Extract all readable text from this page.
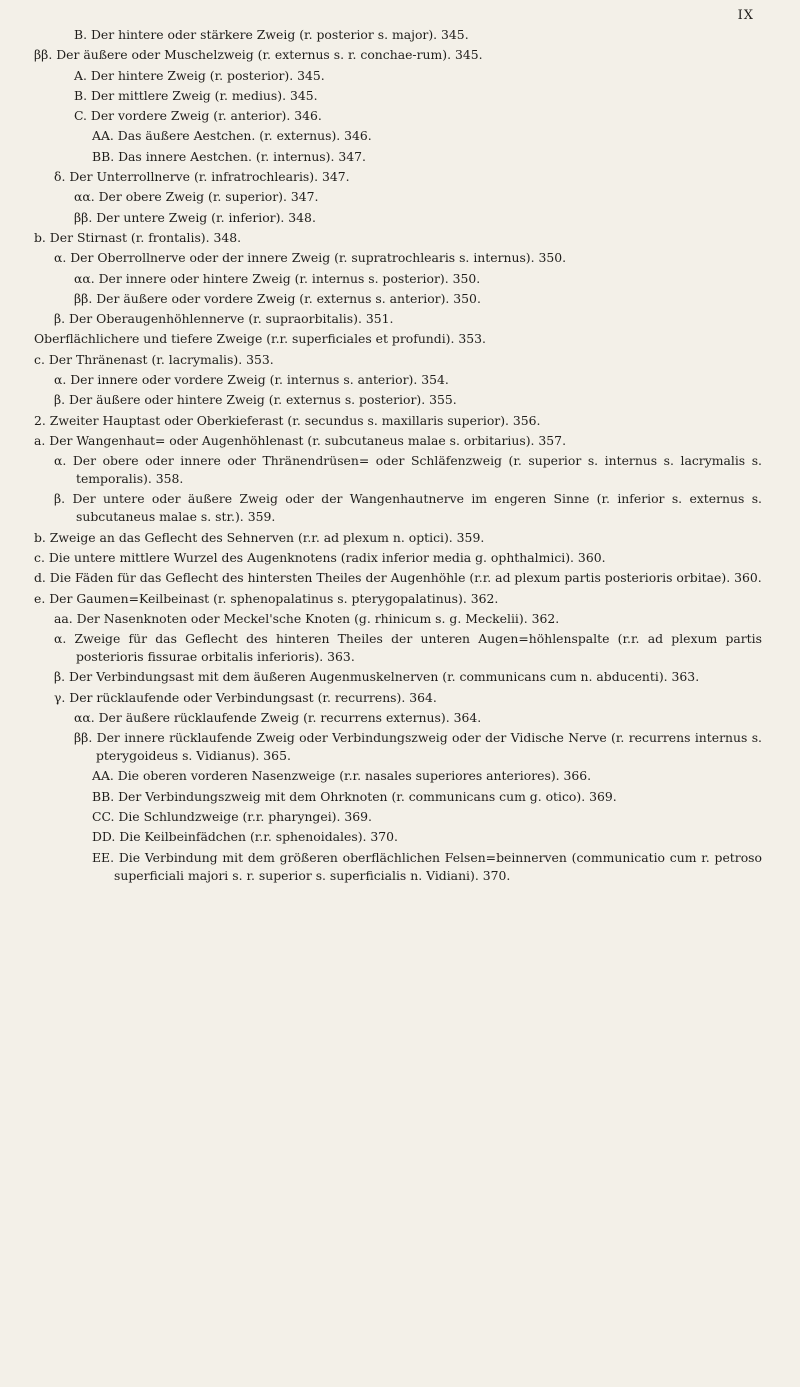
IX

B. Der hintere oder stärkere Zweig (r. posterior s. major). 345.

ββ. Der äußere oder Muschelzweig (r. externus s. r. conchae-rum). 345.

A. Der hintere Zweig (r. posterior). 345.

B. Der mittlere Zweig (r. medius). 345.

C. Der vordere Zweig (r. anterior). 346.

AA. Das äußere Aestchen. (r. externus). 346.

BB. Das innere Aestchen. (r. internus). 347.

δ. Der Unterrollnerve (r. infratrochlearis). 347.

αα. Der obere Zweig (r. superior). 347.

ββ. Der untere Zweig (r. inferior). 348.

b. Der Stirnast (r. frontalis). 348.

α. Der Oberrollnerve oder der innere Zweig (r. supratrochlearis s. internus). 350.

αα. Der innere oder hintere Zweig (r. internus s. posterior). 350.

ββ. Der äußere oder vordere Zweig (r. externus s. anterior). 350.

β. Der Oberaugenhöhlennerve (r. supraorbitalis). 351.

Oberflächlichere und tiefere Zweige (r.r. superficiales et profundi). 353.

c. Der Thränenast (r. lacrymalis). 353.

α. Der innere oder vordere Zweig (r. internus s. anterior). 354.

β. Der äußere oder hintere Zweig (r. externus s. posterior). 355.

2. Zweiter Hauptast oder Oberkieferast (r. secundus s. maxillaris superior). 356.

a. Der Wangenhaut= oder Augenhöhlenast (r. subcutaneus malae s. orbitarius). 357.

α. Der obere oder innere oder Thränendrüsen= oder Schläfenzweig (r. superior s. internus s. lacrymalis s. temporalis). 358.

β. Der untere oder äußere Zweig oder der Wangenhautnerve im engeren Sinne (r. inferior s. externus s. subcutaneus malae s. str.). 359.

b. Zweige an das Geflecht des Sehnerven (r.r. ad plexum n. optici). 359.

c. Die untere mittlere Wurzel des Augenknotens (radix inferior media g. ophthalmici). 360.

d. Die Fäden für das Geflecht des hintersten Theiles der Augenhöhle (r.r. ad plexum partis posterioris orbitae). 360.

e. Der Gaumen=Keilbeinast (r. sphenopalatinus s. pterygopalatinus). 362.

aa. Der Nasenknoten oder Meckel'sche Knoten (g. rhinicum s. g. Meckelii). 362.

α. Zweige für das Geflecht des hinteren Theiles der unteren Augen=höhlenspalte (r.r. ad plexum partis posterioris fissurae orbitalis inferioris). 363.

β. Der Verbindungsast mit dem äußeren Augenmuskelnerven (r. communicans cum n. abducenti). 363.

γ. Der rücklaufende oder Verbindungsast (r. recurrens). 364.

αα. Der äußere rücklaufende Zweig (r. recurrens externus). 364.

ββ. Der innere rücklaufende Zweig oder Verbindungszweig oder der Vidische Nerve (r. recurrens internus s. pterygoideus s. Vidianus). 365.

AA. Die oberen vorderen Nasenzweige (r.r. nasales superiores anteriores). 366.

BB. Der Verbindungszweig mit dem Ohrknoten (r. communicans cum g. otico). 369.

CC. Die Schlundzweige (r.r. pharyngei). 369.

DD. Die Keilbeinfädchen (r.r. sphenoidales). 370.

EE. Die Verbindung mit dem größeren oberflächlichen Felsen=beinnerven (communicatio cum r. petroso superficiali majori s. r. superior s. superficialis n. Vidiani). 370.
